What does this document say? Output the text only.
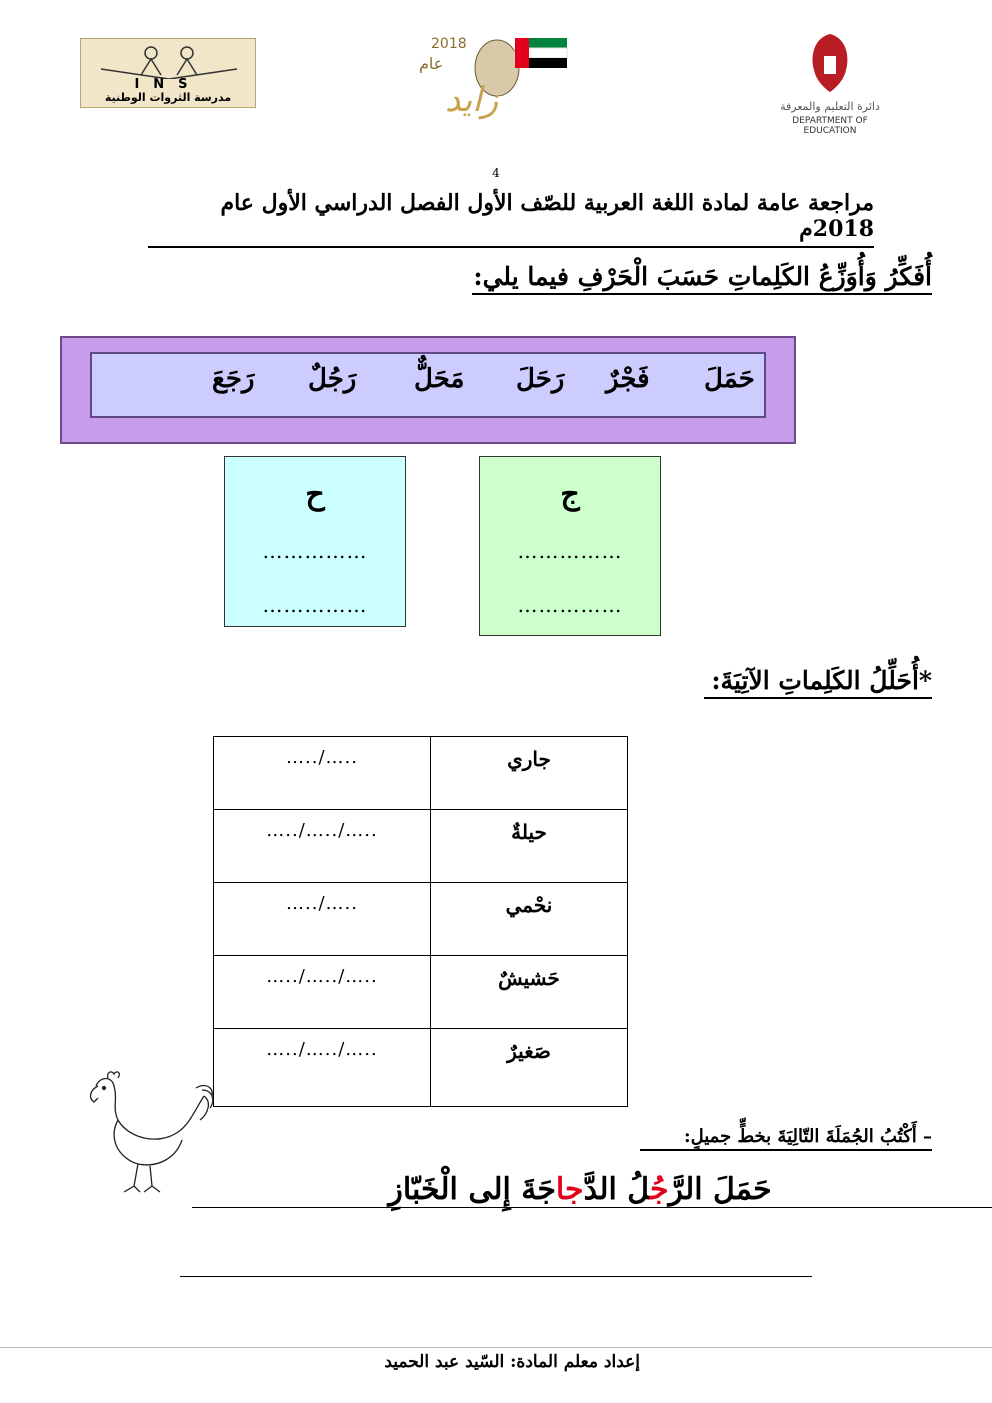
INS
مدرسة الثروات الوطنية
2018
عام
زايد	دائرة التعليم والمعرفة
DEPARTMENT OF EDUCATION
4
مراجعة عامة لمادة اللغة العربية للصّف الأول الفصل الدراسي الأول عام 2018م
أُفَكِّرُ وَأُوَزِّعُ الكَلِماتِ حَسَبَ الْحَرْفِ فيما يلي:
حَمَلَ
فَجْرٌ
رَحَلَ
مَحَلٌّ
رَجُلٌ
رَجَعَ
ح
……………
……………
ج
……………
……………
*أُحَلِّلُ الكَلِماتِ الآتِيَةَ:
…../…..	جاري
…../…../…..	حيلةٌ
…../…..	نحْمي
…../…../…..	حَشيشٌ
…../…../…..	صَغيرٌ
– أَكْتُبُ الجُمَلَةَ التّالِيَةَ بخطٍّ جميلٍ:
حَمَلَ الرَّجُلُ الدَّجاجَةَ إِلى الْخَبّازِ
إعداد معلم المادة: السّيد عبد الحميد
